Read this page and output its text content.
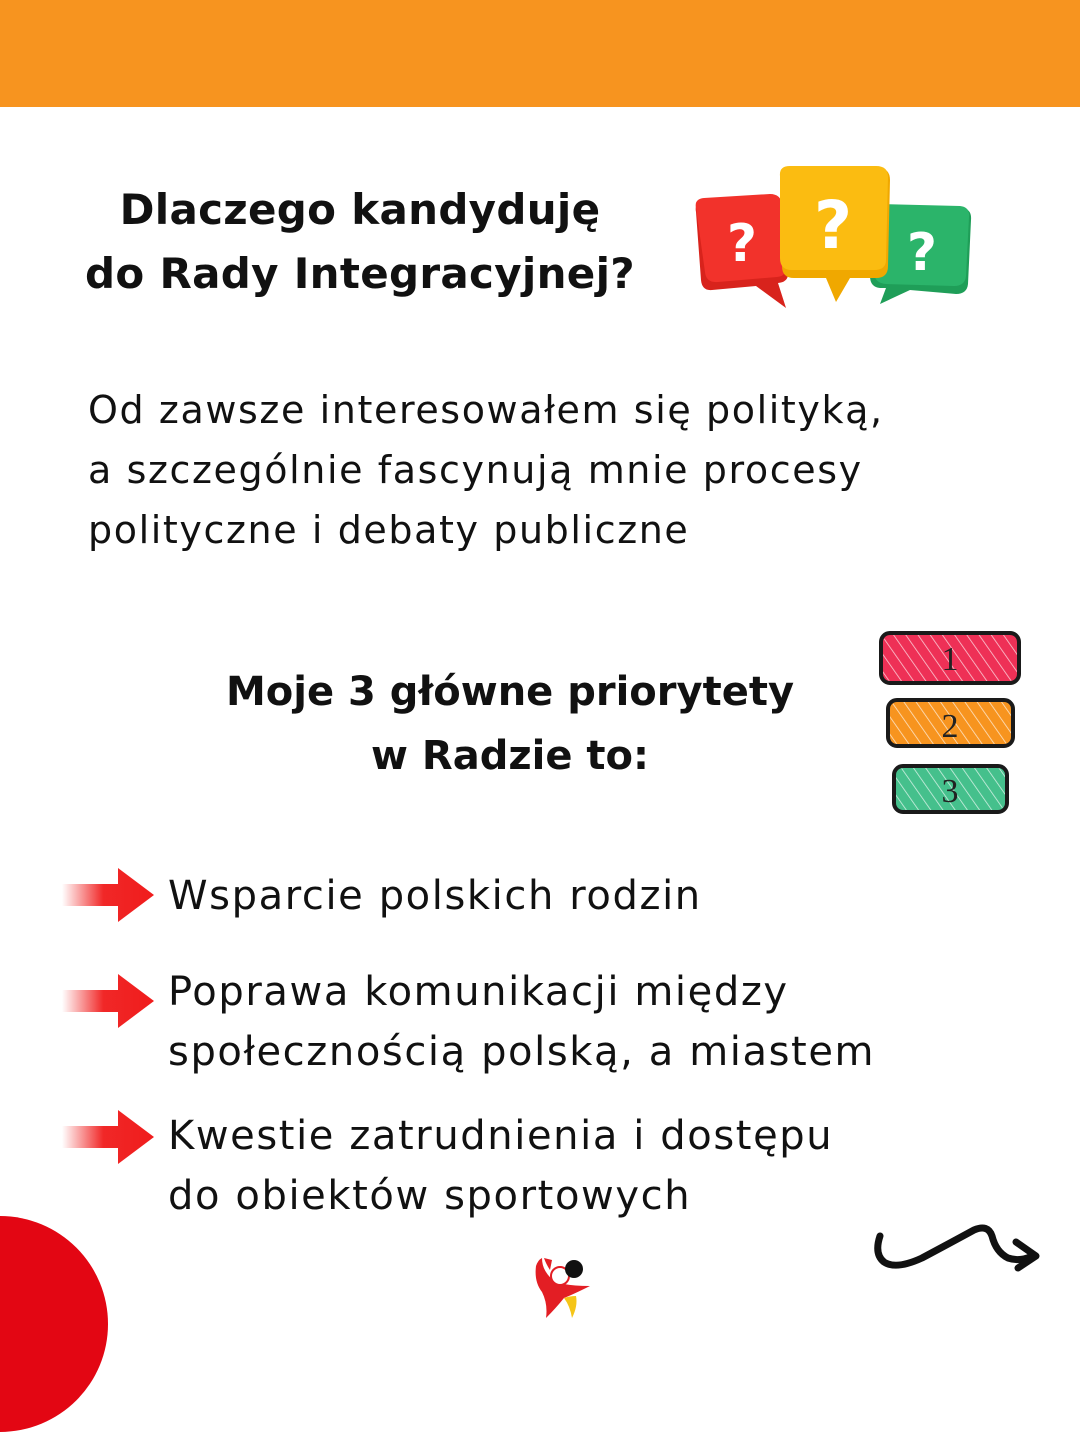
Dlaczego kandyduję
do Rady Integracyjnej?	?	?
?

Od zawsze interesowałem się polityką,
a szczególnie fascynują mnie procesy
polityczne i debaty publiczne

Moje 3 główne priorytety
w Radzie to:
1
2
3
Wsparcie polskich rodzin
Poprawa komunikacji między
społecznością polską, a miastem
Kwestie zatrudnienia i dostępu
do obiektów sportowych
